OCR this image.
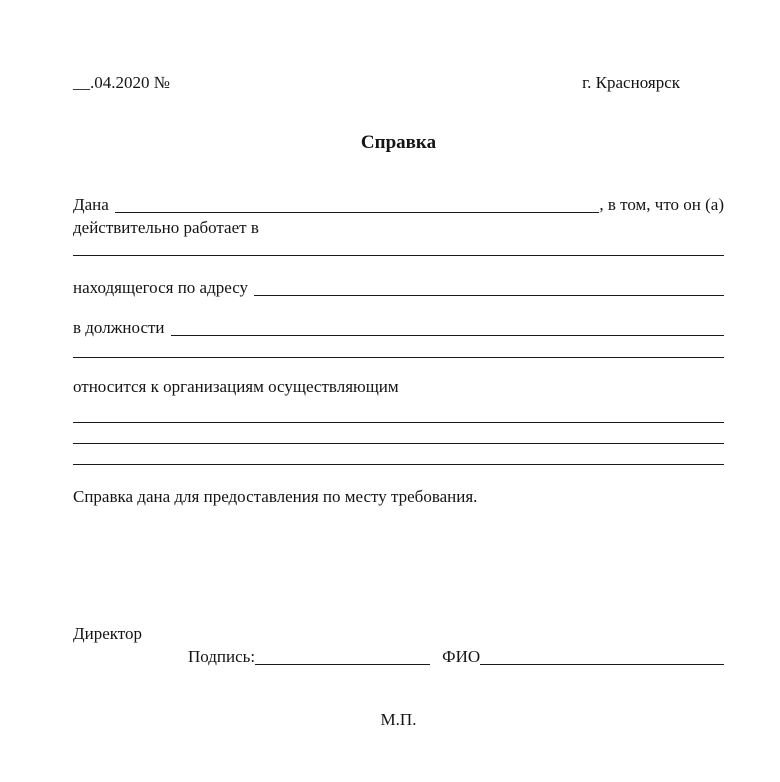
__.04.2020 №	г. Красноярск
Справка
Дана	, в том, что он (а)
действительно работает в
находящегося по адресу
в должности
относится к организациям осуществляющим
Справка дана для предоставления по месту требования.
Директор
Подпись:	ФИО
М.П.
